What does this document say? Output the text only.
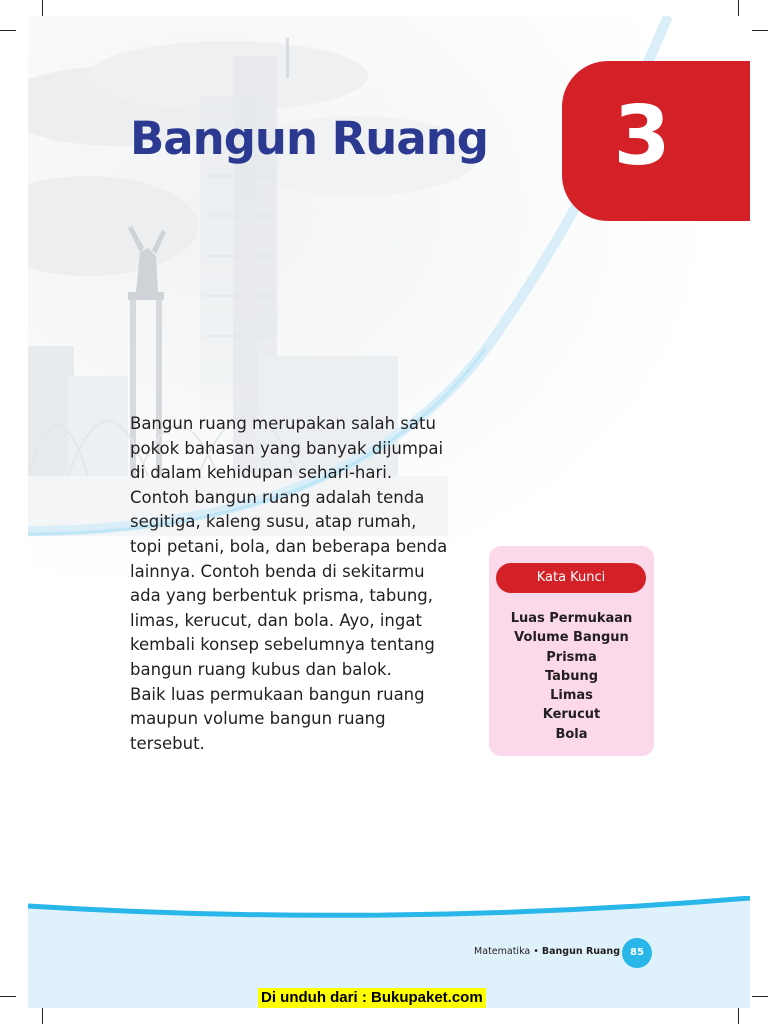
Bangun Ruang	3

Bangun ruang merupakan salah satu
pokok bahasan yang banyak dijumpai
di dalam kehidupan sehari-hari.
Contoh bangun ruang adalah tenda
segitiga, kaleng susu, atap rumah,
topi petani, bola, dan beberapa benda
lainnya. Contoh benda di sekitarmu
ada yang berbentuk prisma, tabung,
limas, kerucut, dan bola. Ayo, ingat
kembali konsep sebelumnya tentang
bangun ruang kubus dan balok.
Baik luas permukaan bangun ruang
maupun volume bangun ruang
tersebut.

Kata Kunci
Luas Permukaan
Volume Bangun
Prisma
Tabung
Limas
Kerucut
Bola
Matematika • Bangun Ruang	85
Di unduh dari : Bukupaket.com
